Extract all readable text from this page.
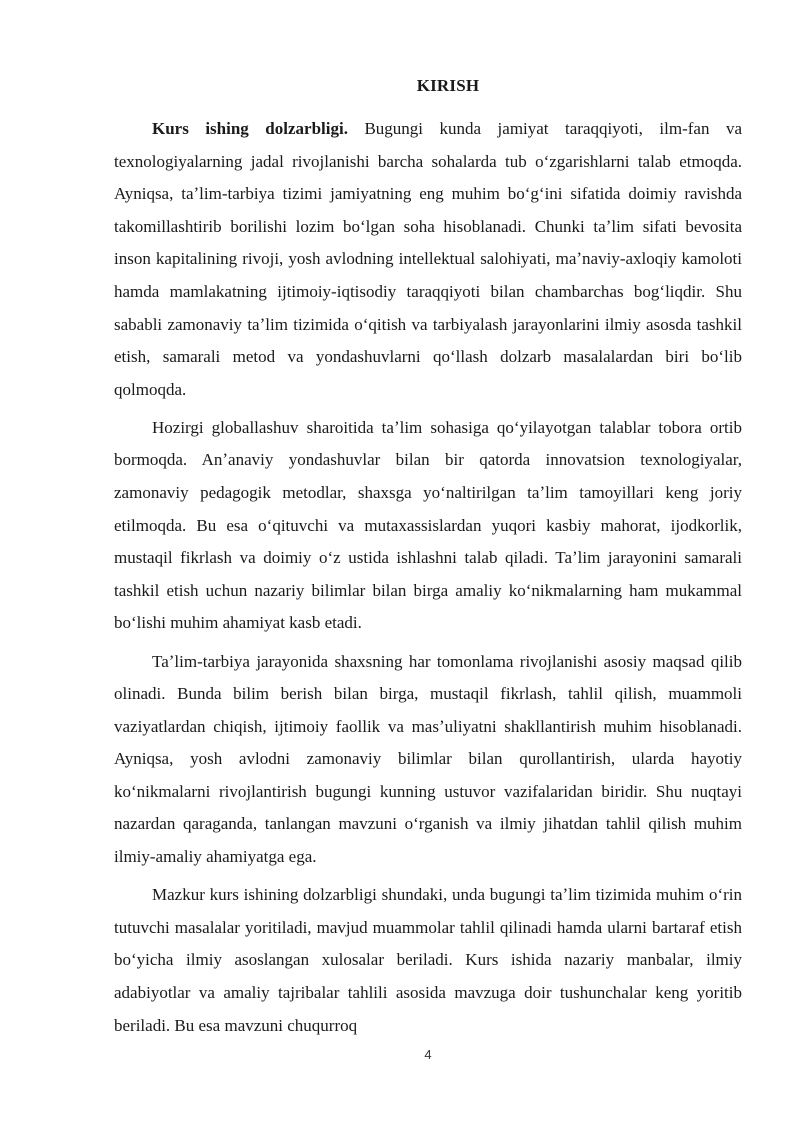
KIRISH

Kurs ishing dolzarbligi. Bugungi kunda jamiyat taraqqiyoti, ilm-fan va texnologiyalarning jadal rivojlanishi barcha sohalarda tub oʻzgarishlarni talab etmoqda. Ayniqsa, taʼlim-tarbiya tizimi jamiyatning eng muhim boʻgʻini sifatida doimiy ravishda takomillashtirib borilishi lozim boʻlgan soha hisoblanadi. Chunki taʼlim sifati bevosita inson kapitalining rivoji, yosh avlodning intellektual salohiyati, maʼnaviy-axloqiy kamoloti hamda mamlakatning ijtimoiy-iqtisodiy taraqqiyoti bilan chambarchas bogʻliqdir. Shu sababli zamonaviy taʼlim tizimida oʻqitish va tarbiyalash jarayonlarini ilmiy asosda tashkil etish, samarali metod va yondashuvlarni qoʻllash dolzarb masalalardan biri boʻlib qolmoqda.

Hozirgi globallashuv sharoitida taʼlim sohasiga qoʻyilayotgan talablar tobora ortib bormoqda. Anʼanaviy yondashuvlar bilan bir qatorda innovatsion texnologiyalar, zamonaviy pedagogik metodlar, shaxsga yoʻnaltirilgan taʼlim tamoyillari keng joriy etilmoqda. Bu esa oʻqituvchi va mutaxassislardan yuqori kasbiy mahorat, ijodkorlik, mustaqil fikrlash va doimiy oʻz ustida ishlashni talab qiladi. Taʼlim jarayonini samarali tashkil etish uchun nazariy bilimlar bilan birga amaliy koʻnikmalarning ham mukammal boʻlishi muhim ahamiyat kasb etadi.

Taʼlim-tarbiya jarayonida shaxsning har tomonlama rivojlanishi asosiy maqsad qilib olinadi. Bunda bilim berish bilan birga, mustaqil fikrlash, tahlil qilish, muammoli vaziyatlardan chiqish, ijtimoiy faollik va masʼuliyatni shakllantirish muhim hisoblanadi. Ayniqsa, yosh avlodni zamonaviy bilimlar bilan qurollantirish, ularda hayotiy koʻnikmalarni rivojlantirish bugungi kunning ustuvor vazifalaridan biridir. Shu nuqtayi nazardan qaraganda, tanlangan mavzuni oʻrganish va ilmiy jihatdan tahlil qilish muhim ilmiy-amaliy ahamiyatga ega.

Mazkur kurs ishining dolzarbligi shundaki, unda bugungi taʼlim tizimida muhim oʻrin tutuvchi masalalar yoritiladi, mavjud muammolar tahlil qilinadi hamda ularni bartaraf etish boʻyicha ilmiy asoslangan xulosalar beriladi. Kurs ishida nazariy manbalar, ilmiy adabiyotlar va amaliy tajribalar tahlili asosida mavzuga doir tushunchalar keng yoritib beriladi. Bu esa mavzuni chuqurroq

4
